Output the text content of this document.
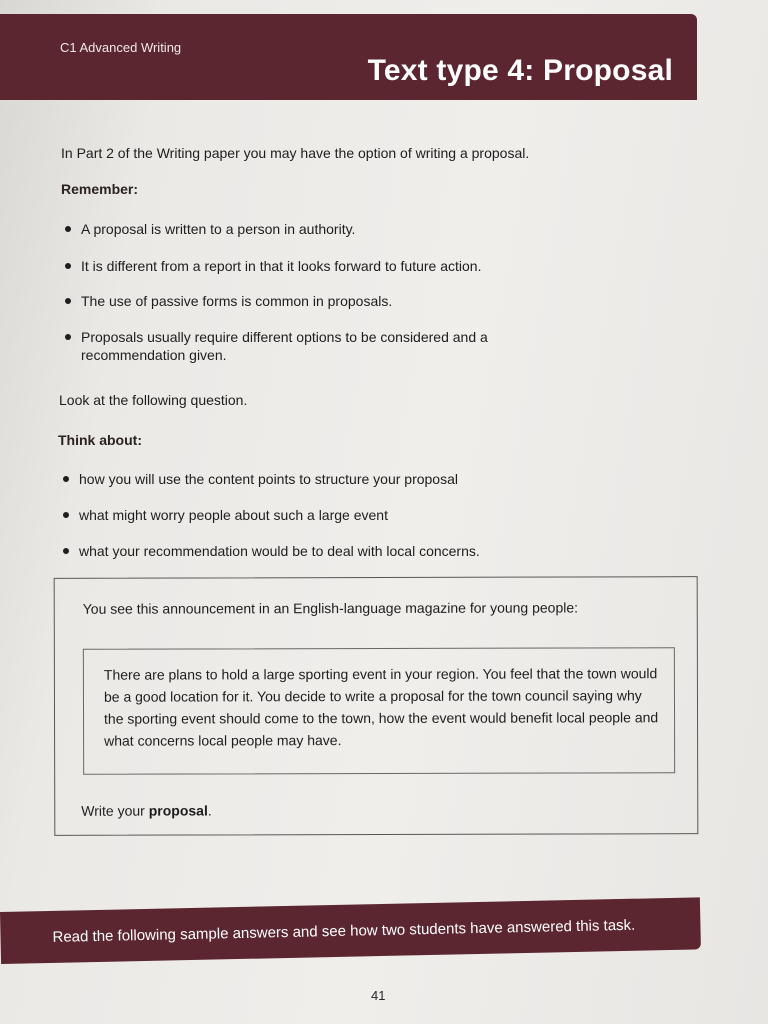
C1 Advanced Writing
Text type 4: Proposal
In Part 2 of the Writing paper you may have the option of writing a proposal.
Remember:
A proposal is written to a person in authority.
It is different from a report in that it looks forward to future action.
The use of passive forms is common in proposals.
Proposals usually require different options to be considered and a recommendation given.
Look at the following question.
Think about:
how you will use the content points to structure your proposal
what might worry people about such a large event
what your recommendation would be to deal with local concerns.
You see this announcement in an English-language magazine for young people:
There are plans to hold a large sporting event in your region. You feel that the town would be a good location for it. You decide to write a proposal for the town council saying why the sporting event should come to the town, how the event would benefit local people and what concerns local people may have.
Write your proposal.
Read the following sample answers and see how two students have answered this task.
41
